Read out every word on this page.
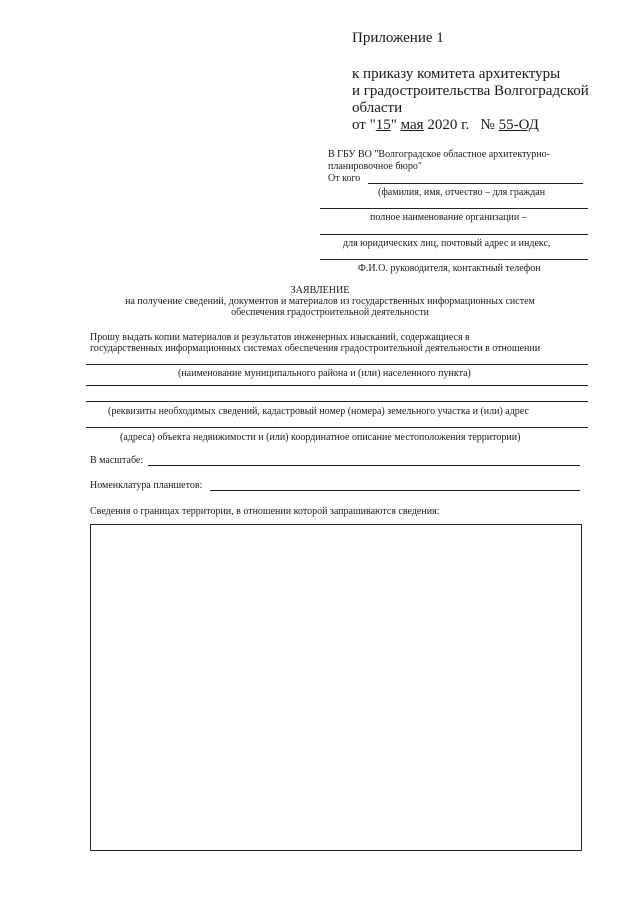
Приложение 1
к приказу комитета архитектуры
и градостроительства Волгоградской
области
от "15" мая 2020 г. № 55-ОД
В ГБУ ВО "Волгоградское областное архитектурно-
планировочное бюро"
От кого
(фамилия, имя, отчество – для граждан
полное наименование организации –
для юридических лиц, почтовый адрес и индекс,
Ф.И.О. руководителя, контактный телефон
ЗАЯВЛЕНИЕ
на получение сведений, документов и материалов из государственных информационных систем
обеспечения градостроительной деятельности
Прошу выдать копии материалов и результатов инженерных изысканий, содержащиеся в
государственных информационных системах обеспечения градостроительной деятельности в отношении
(наименование муниципального района и (или) населенного пункта)
(реквизиты необходимых сведений, кадастровый номер (номера) земельного участка и (или) адрес
(адреса) объекта недвижимости и (или) координатное описание местоположения территории)
В масштабе:
Номенклатура планшетов:
Сведения о границах территории, в отношении которой запрашиваются сведения:
